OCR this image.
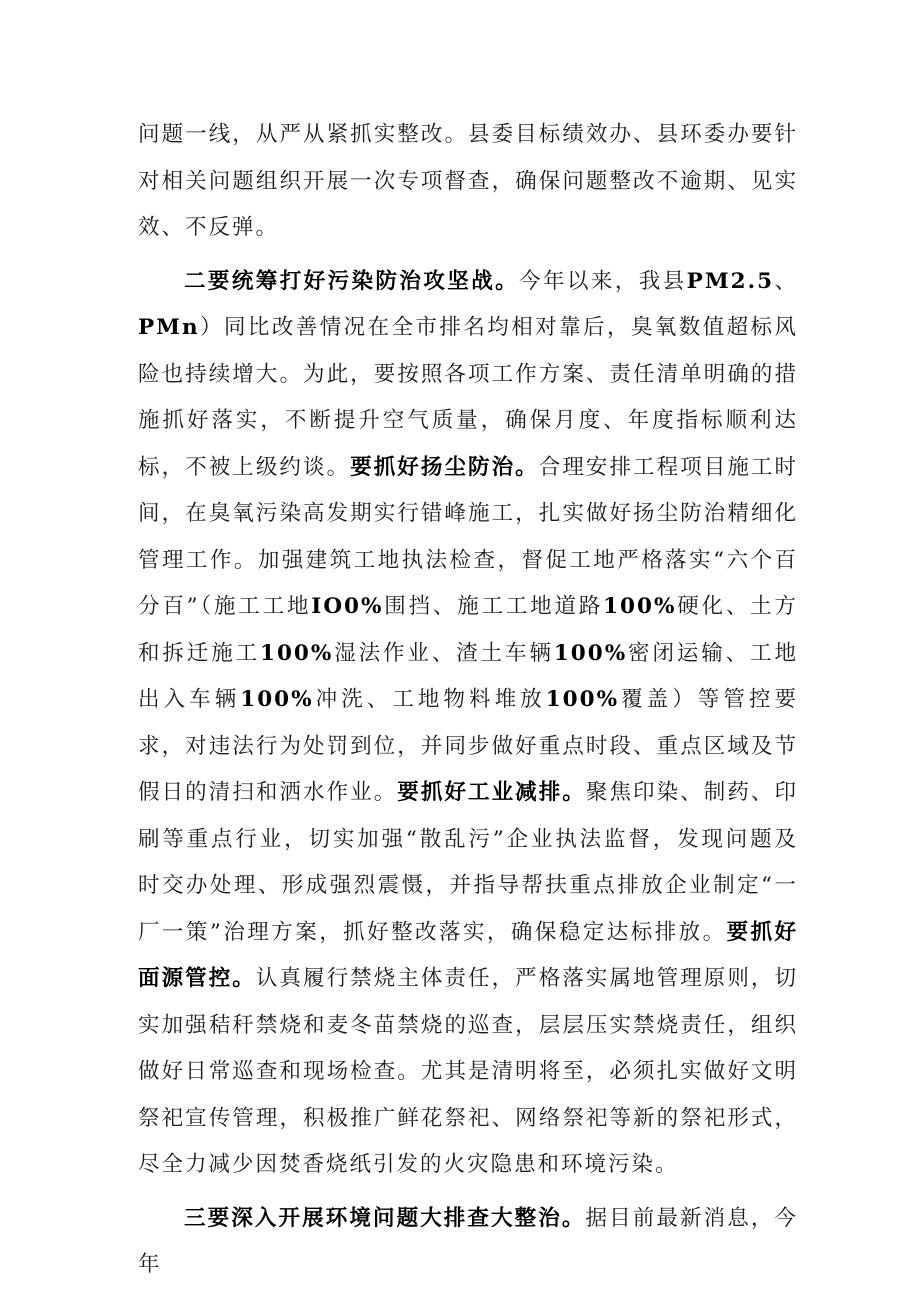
问题一线，从严从紧抓实整改。县委目标绩效办、县环委办要针对相关问题组织开展一次专项督查，确保问题整改不逾期、见实效、不反弹。

二要统筹打好污染防治攻坚战。今年以来，我县PM2.5、PMn）同比改善情况在全市排名均相对靠后，臭氧数值超标风险也持续增大。为此，要按照各项工作方案、责任清单明确的措施抓好落实，不断提升空气质量，确保月度、年度指标顺利达标，不被上级约谈。要抓好扬尘防治。合理安排工程项目施工时间，在臭氧污染高发期实行错峰施工，扎实做好扬尘防治精细化管理工作。加强建筑工地执法检查，督促工地严格落实“六个百分百”（施工工地IO0%围挡、施工工地道路100%硬化、土方和拆迁施工100%湿法作业、渣土车辆100%密闭运输、工地出入车辆100%冲洗、工地物料堆放100%覆盖）等管控要求，对违法行为处罚到位，并同步做好重点时段、重点区域及节假日的清扫和洒水作业。要抓好工业减排。聚焦印染、制药、印刷等重点行业，切实加强“散乱污”企业执法监督，发现问题及时交办处理、形成强烈震慑，并指导帮扶重点排放企业制定“一厂一策”治理方案，抓好整改落实，确保稳定达标排放。要抓好面源管控。认真履行禁烧主体责任，严格落实属地管理原则，切实加强秸秆禁烧和麦冬苗禁烧的巡查，层层压实禁烧责任，组织做好日常巡查和现场检查。尤其是清明将至，必须扎实做好文明祭祀宣传管理，积极推广鲜花祭祀、网络祭祀等新的祭祀形式，尽全力减少因焚香烧纸引发的火灾隐患和环境污染。

三要深入开展环境问题大排查大整治。据目前最新消息，今年
